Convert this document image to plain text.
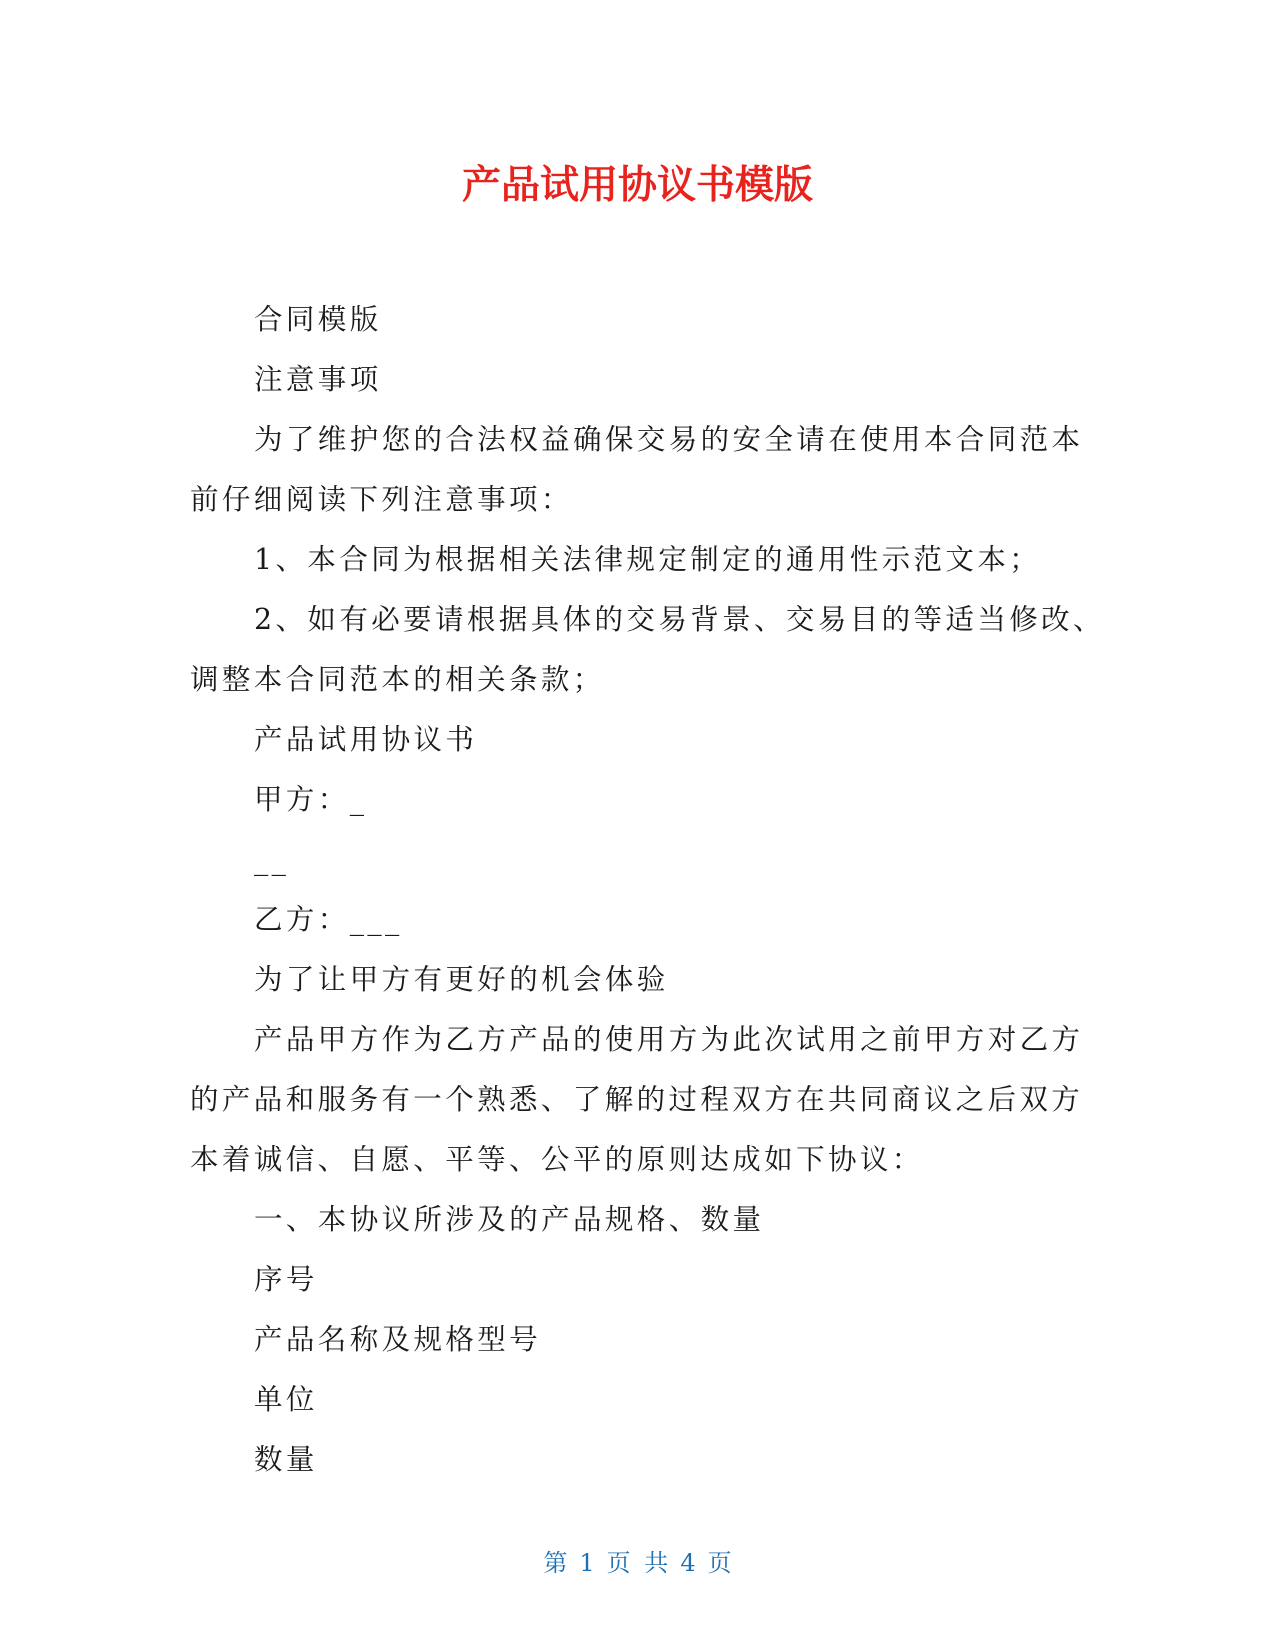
产品试用协议书模版
合同模版
注意事项
为了维护您的合法权益确保交易的安全请在使用本合同范本
前仔细阅读下列注意事项：
1、本合同为根据相关法律规定制定的通用性示范文本；
2、如有必要请根据具体的交易背景、交易目的等适当修改、
调整本合同范本的相关条款；
产品试用协议书
甲方：_
__
乙方：___
为了让甲方有更好的机会体验
产品甲方作为乙方产品的使用方为此次试用之前甲方对乙方
的产品和服务有一个熟悉、了解的过程双方在共同商议之后双方
本着诚信、自愿、平等、公平的原则达成如下协议：
一、本协议所涉及的产品规格、数量
序号
产品名称及规格型号
单位
数量
第 1 页 共 4 页
